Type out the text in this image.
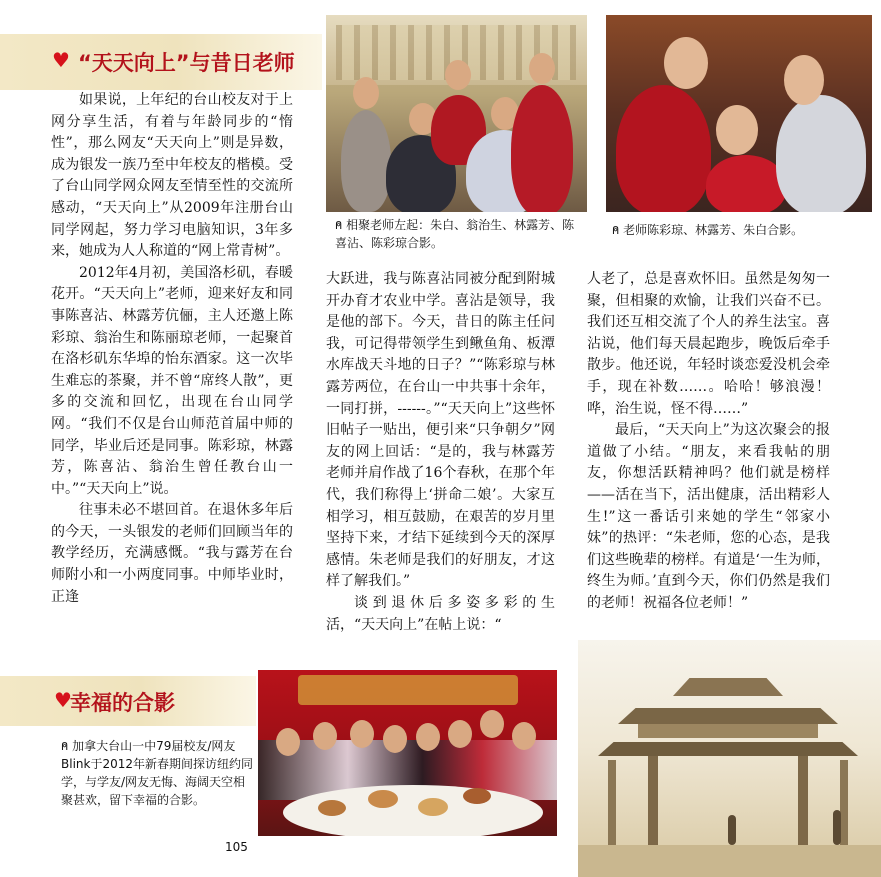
♥ “天天向上”与昔日老师

如果说，上年纪的台山校友对于上网分享生活，有着与年龄同步的“惰性”，那么网友“天天向上”则是异数，成为银发一族乃至中年校友的楷模。受了台山同学网众网友至情至性的交流所感动，“天天向上”从2009年注册台山同学网起，努力学习电脑知识，3年多来，她成为人人称道的“网上常青树”。

2012年4月初，美国洛杉矶，春暖花开。“天天向上”老师，迎来好友和同事陈喜沾、林露芳伉俪，主人还邀上陈彩琼、翁治生和陈丽琼老师，一起聚首在洛杉矶东华埠的怡东酒家。这一次毕生难忘的茶聚，并不曾“席终人散”，更多的交流和回忆，出现在台山同学网。“我们不仅是台山师范首届中师的同学，毕业后还是同事。陈彩琼，林露芳，陈喜沾、翁治生曾任教台山一中。”“天天向上”说。

往事未必不堪回首。在退休多年后的今天，一头银发的老师们回顾当年的教学经历，充满感慨。“我与露芳在台师附小和一小两度同事。中师毕业时，正逢

⍝ 相聚老师左起：朱白、翁治生、林露芳、陈喜沾、陈彩琼合影。
⍝ 老师陈彩琼、林露芳、朱白合影。

大跃进，我与陈喜沾同被分配到附城开办育才农业中学。喜沾是领导，我是他的部下。今天，昔日的陈主任问我，可记得带领学生到鳅鱼角、板潭水库战天斗地的日子？”“陈彩琼与林露芳两位，在台山一中共事十余年，一同打拼，------。”“天天向上”这些怀旧帖子一贴出，便引来“只争朝夕”网友的网上回话：“是的，我与林露芳老师并肩作战了16个春秋，在那个年代，我们称得上‘拼命二娘’。大家互相学习，相互鼓励，在艰苦的岁月里坚持下来，才结下延续到今天的深厚感情。朱老师是我们的好朋友，才这样了解我们。”

谈到退休后多姿多彩的生活，“天天向上”在帖上说：“

人老了，总是喜欢怀旧。虽然是匆匆一聚，但相聚的欢愉，让我们兴奋不已。我们还互相交流了个人的养生法宝。喜沾说，他们每天晨起跑步，晚饭后牵手散步。他还说，年轻时谈恋爱没机会牵手，现在补数……。哈哈！够浪漫！哗，治生说，怪不得……”

最后，“天天向上”为这次聚会的报道做了小结。“朋友，来看我帖的朋友，你想活跃精神吗？他们就是榜样——活在当下，活出健康，活出精彩人生!”这一番话引来她的学生“邻家小妹”的热评：“朱老师，您的心态，是我们这些晚辈的榜样。有道是‘一生为师，终生为师。’直到今天，你们仍然是我们的老师！祝福各位老师！”

♥
幸福的合影
⍝ 加拿大台山一中79届校友/网友Blink于2012年新春期间探访纽约同学，与学友/网友无悔、海阔天空相聚甚欢，留下幸福的合影。
105
